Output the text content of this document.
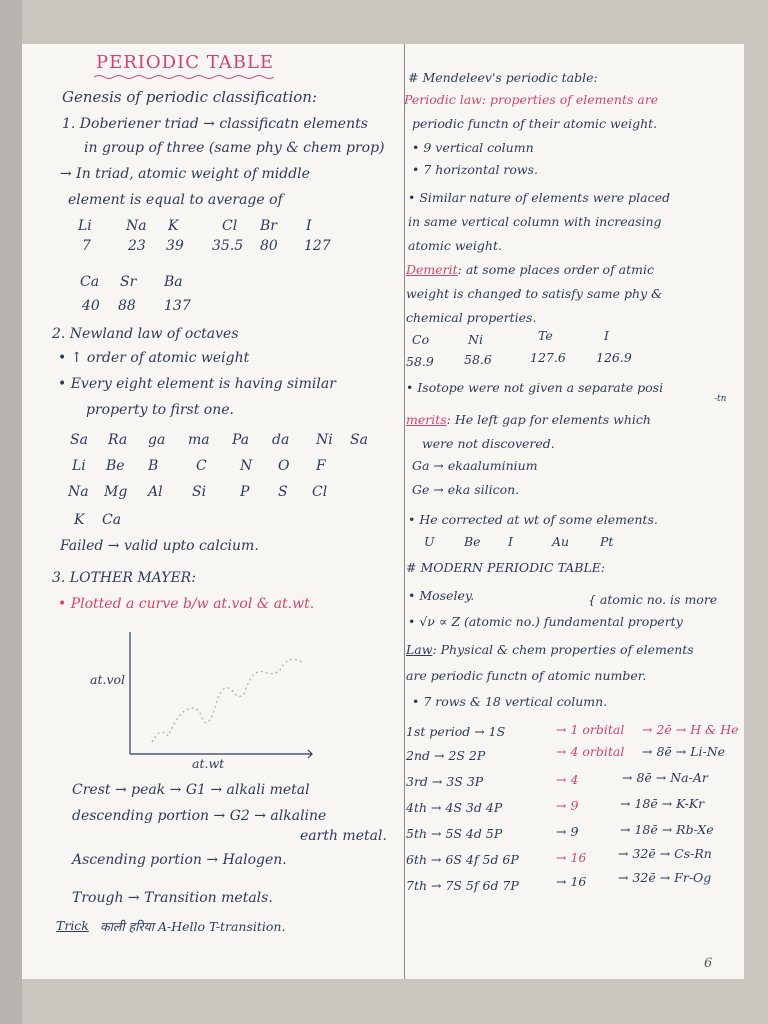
PERIODIC TABLE
Genesis of periodic classification:
1. Doberiener triad → classificatn elements
in group of three (same phy & chem prop)
→ In triad, atomic weight of middle
element is equal to average of
Li Na K	Cl Br I
7	23 39 35.5 80 127
Ca Sr Ba
40 88 137
2. Newland law of octaves
• ↑ order of atomic weight
• Every eight element is having similar
property to first one.
Sa Ra ga ma Pa da Ni Sa
Li Be B	C N O F
Na Mg Al Si P S Cl
K Ca
Failed → valid upto calcium.
3. LOTHER MAYER:
• Plotted a curve b/w at.vol & at.wt.
at.vol
at.wt
Crest → peak → G1 → alkali metal
descending portion → G2 → alkaline
earth metal.
Ascending portion → Halogen.
Trough → Transition metals.
Trick काली हरिया A-Hello T-transition.
# Mendeleev's periodic table:
Periodic law: properties of elements are
periodic functn of their atomic weight.
• 9 vertical column
• 7 horizontal rows.
• Similar nature of elements were placed
in same vertical column with increasing
atomic weight.
Demerit: at some places order of atmic
weight is changed to satisfy same phy &
chemical properties.
Co	Ni	Te	I
58.9 58.6	127.6 126.9
• Isotope were not given a separate posi
-tn
merits: He left gap for elements which
were not discovered.
Ga → ekaaluminium
Ge → eka silicon.
• He corrected at wt of some elements.
U Be I	Au Pt
# MODERN PERIODIC TABLE:
• Moseley.	{ atomic no. is more
• √ν ∝ Z (atomic no.) fundamental property
Law: Physical & chem properties of elements
are periodic functn of atomic number.
• 7 rows & 18 vertical column.
1st period → 1S	→ 1 orbital → 2ē → H & He
2nd → 2S 2P	→ 4 orbital → 8ē → Li-Ne
3rd → 3S 3P	→ 4	→ 8ē → Na-Ar
4th → 4S 3d 4P	→ 9	→ 18ē → K-Kr
5th → 5S 4d 5P	→ 9	→ 18ē → Rb-Xe
6th → 6S 4f 5d 6P	→ 16	→ 32ē → Cs-Rn
7th → 7S 5f 6d 7P	→ 16	→ 32ē → Fr-Og
6
